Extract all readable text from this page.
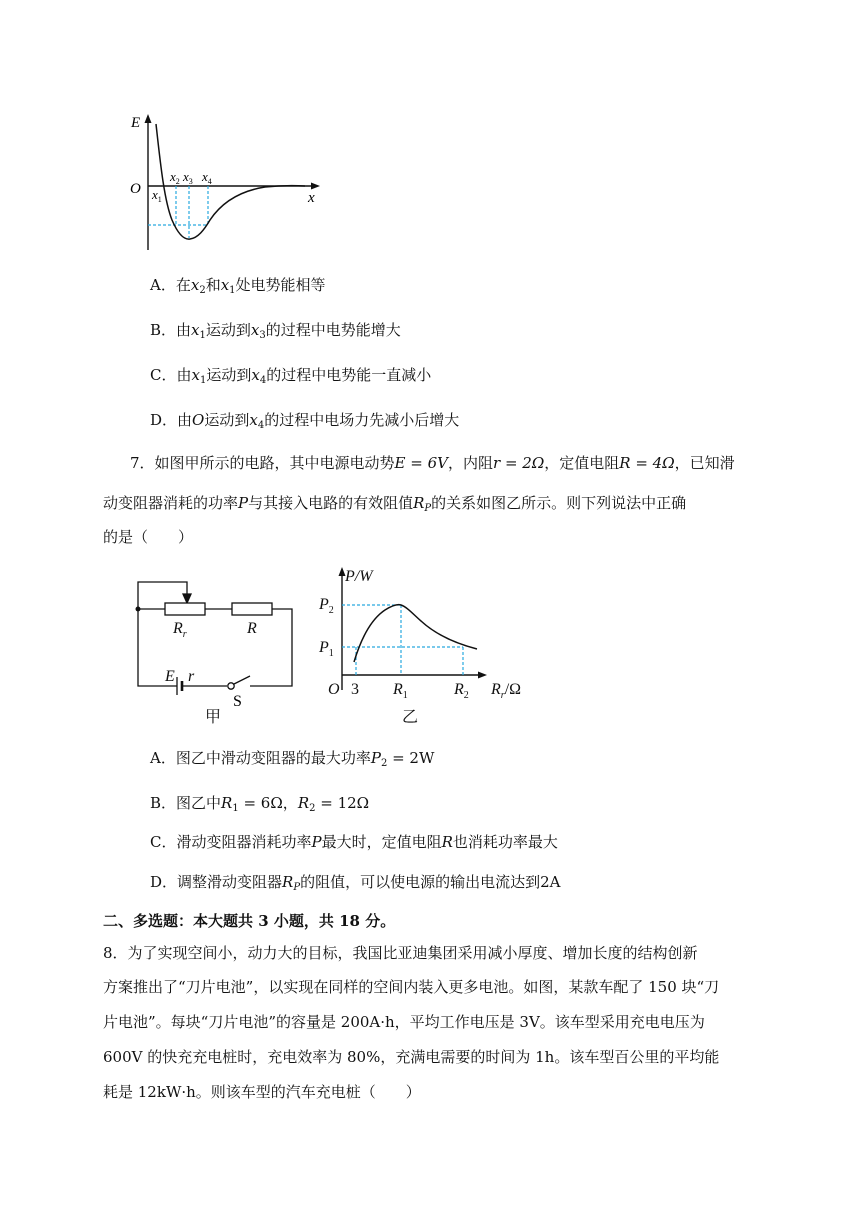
E
O
x
$x_1$
$x_2$ $x_3$ $x_4$
A．在$x_2$和$x_1$处电势能相等
B．由$x_1$运动到$x_3$的过程中电势能增大
C．由$x_1$运动到$x_4$的过程中电势能一直减小
D．由O运动到$x_4$的过程中电场力先减小后增大
7．如图甲所示的电路，其中电源电动势E = 6V，内阻r = 2Ω，定值电阻R = 4Ω，已知滑
动变阻器消耗的功率P与其接入电路的有效阻值$R_P$的关系如图乙所示。则下列说法中正确
的是（　　）
$R_r$	R
E r
S
甲
P/W
$P_2$
$P_1$
O 3 $R_1$	$R_2$ $R_r/\Omega$
乙
A．图乙中滑动变阻器的最大功率$P_2 = 2W$
B．图乙中$R_1 = 6\Omega$，$R_2 = 12\Omega$
C．滑动变阻器消耗功率P最大时，定值电阻R也消耗功率最大
D．调整滑动变阻器$R_P$的阻值，可以使电源的输出电流达到2A
二、多选题：本大题共 3 小题，共 18 分。
8．为了实现空间小，动力大的目标，我国比亚迪集团采用减小厚度、增加长度的结构创新
方案推出了“刀片电池”，以实现在同样的空间内装入更多电池。如图，某款车配了 150 块“刀
片电池”。每块“刀片电池”的容量是 200A·h，平均工作电压是 3V。该车型采用充电电压为
600V 的快充充电桩时，充电效率为 80%，充满电需要的时间为 1h。该车型百公里的平均能
耗是 12kW·h。则该车型的汽车充电桩（　　）
